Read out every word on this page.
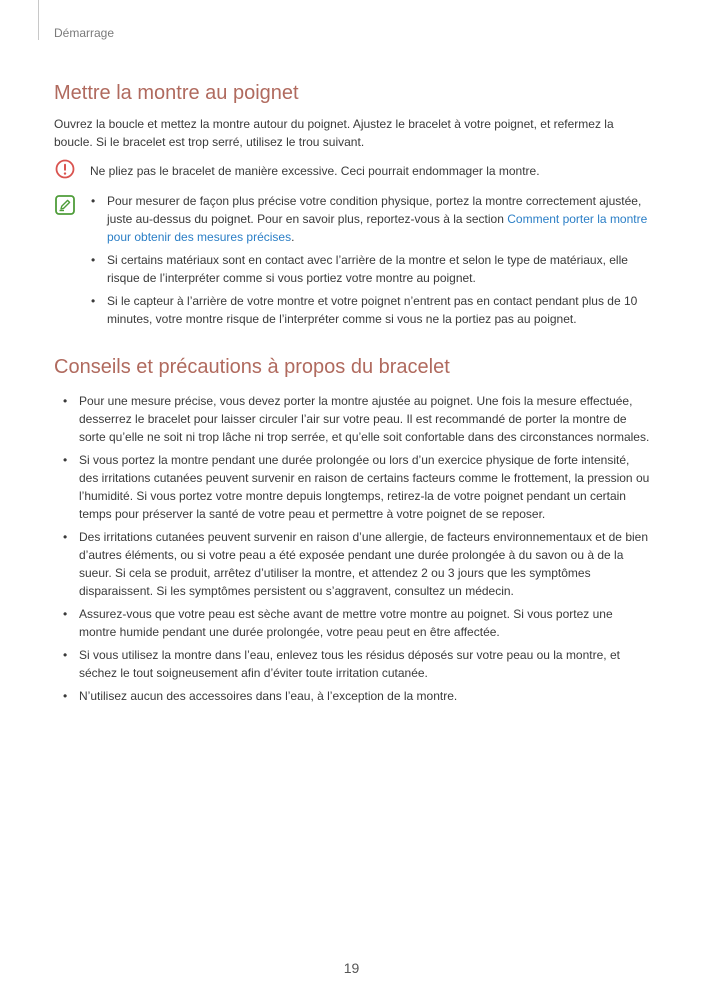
Démarrage
Mettre la montre au poignet

Ouvrez la boucle et mettez la montre autour du poignet. Ajustez le bracelet à votre poignet, et refermez la boucle. Si le bracelet est trop serré, utilisez le trou suivant.

Ne pliez pas le bracelet de manière excessive. Ceci pourrait endommager la montre.

• Pour mesurer de façon plus précise votre condition physique, portez la montre correctement ajustée, juste au-dessus du poignet. Pour en savoir plus, reportez-vous à la section Comment porter la montre pour obtenir des mesures précises.
• Si certains matériaux sont en contact avec l’arrière de la montre et selon le type de matériaux, elle risque de l’interpréter comme si vous portiez votre montre au poignet.
• Si le capteur à l’arrière de votre montre et votre poignet n’entrent pas en contact pendant plus de 10 minutes, votre montre risque de l’interpréter comme si vous ne la portiez pas au poignet.
Conseils et précautions à propos du bracelet
• Pour une mesure précise, vous devez porter la montre ajustée au poignet. Une fois la mesure effectuée, desserrez le bracelet pour laisser circuler l’air sur votre peau. Il est recommandé de porter la montre de sorte qu’elle ne soit ni trop lâche ni trop serrée, et qu’elle soit confortable dans des circonstances normales.
• Si vous portez la montre pendant une durée prolongée ou lors d’un exercice physique de forte intensité, des irritations cutanées peuvent survenir en raison de certains facteurs comme le frottement, la pression ou l’humidité. Si vous portez votre montre depuis longtemps, retirez-la de votre poignet pendant un certain temps pour préserver la santé de votre peau et permettre à votre poignet de se reposer.
• Des irritations cutanées peuvent survenir en raison d’une allergie, de facteurs environnementaux et de bien d’autres éléments, ou si votre peau a été exposée pendant une durée prolongée à du savon ou à de la sueur. Si cela se produit, arrêtez d’utiliser la montre, et attendez 2 ou 3 jours que les symptômes disparaissent. Si les symptômes persistent ou s’aggravent, consultez un médecin.
• Assurez-vous que votre peau est sèche avant de mettre votre montre au poignet. Si vous portez une montre humide pendant une durée prolongée, votre peau peut en être affectée.
• Si vous utilisez la montre dans l’eau, enlevez tous les résidus déposés sur votre peau ou la montre, et séchez le tout soigneusement afin d’éviter toute irritation cutanée.
• N’utilisez aucun des accessoires dans l’eau, à l’exception de la montre.
19
